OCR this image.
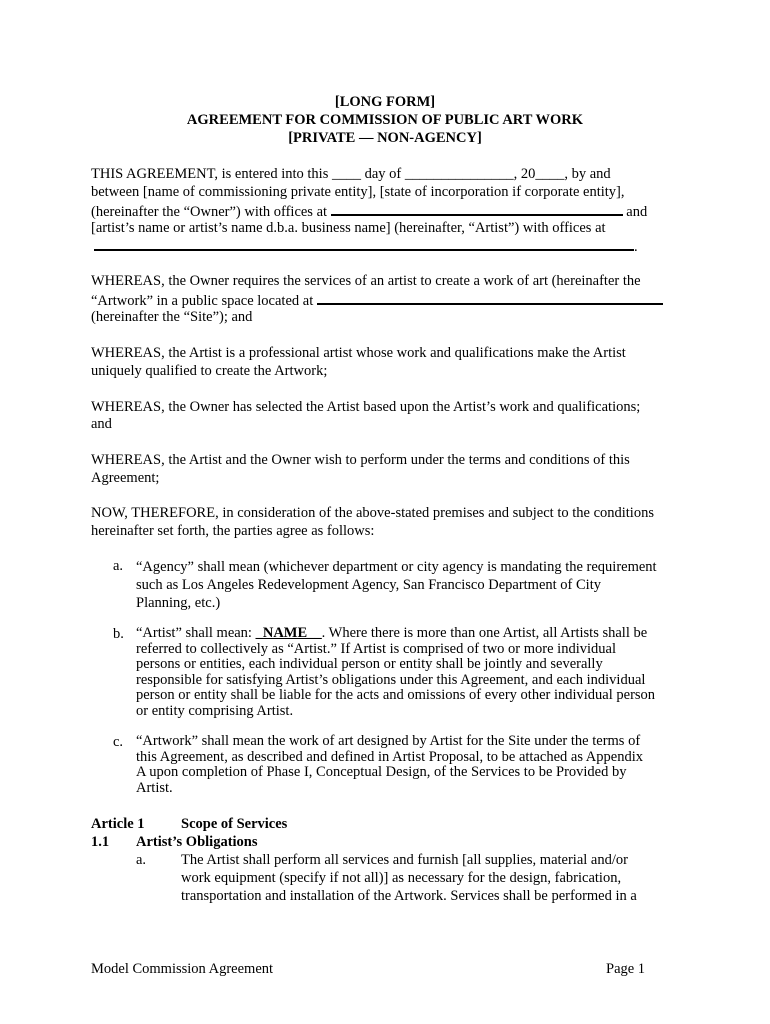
[LONG FORM]
AGREEMENT FOR COMMISSION OF PUBLIC ART WORK
[PRIVATE — NON-AGENCY]
THIS AGREEMENT, is entered into this ____ day of _______________, 20____, by and
between [name of commissioning private entity], [state of incorporation if corporate entity],
(hereinafter the “Owner”) with offices at	and
[artist’s name or artist’s name d.b.a. business name] (hereinafter, “Artist”) with offices at
.
WHEREAS, the Owner requires the services of an artist to create a work of art (hereinafter the
“Artwork” in a public space located at
(hereinafter the “Site”); and
WHEREAS, the Artist is a professional artist whose work and qualifications make the Artist
uniquely qualified to create the Artwork;
WHEREAS, the Owner has selected the Artist based upon the Artist’s work and qualifications;
and
WHEREAS, the Artist and the Owner wish to perform under the terms and conditions of this
Agreement;
NOW, THEREFORE, in consideration of the above-stated premises and subject to the conditions
hereinafter set forth, the parties agree as follows:
a. “Agency” shall mean (whichever department or city agency is mandating the requirement
such as Los Angeles Redevelopment Agency, San Francisco Department of City
Planning, etc.)
b. “Artist” shall mean: _NAME__. Where there is more than one Artist, all Artists shall be
referred to collectively as “Artist.” If Artist is comprised of two or more individual
persons or entities, each individual person or entity shall be jointly and severally
responsible for satisfying Artist’s obligations under this Agreement, and each individual
person or entity shall be liable for the acts and omissions of every other individual person
or entity comprising Artist.
c. “Artwork” shall mean the work of art designed by Artist for the Site under the terms of
this Agreement, as described and defined in Artist Proposal, to be attached as Appendix
A upon completion of Phase I, Conceptual Design, of the Services to be Provided by
Artist.
Article 1	Scope of Services
1.1 Artist’s Obligations
a. The Artist shall perform all services and furnish [all supplies, material and/or
work equipment (specify if not all)] as necessary for the design, fabrication,
transportation and installation of the Artwork. Services shall be performed in a
Model Commission Agreement	Page 1
